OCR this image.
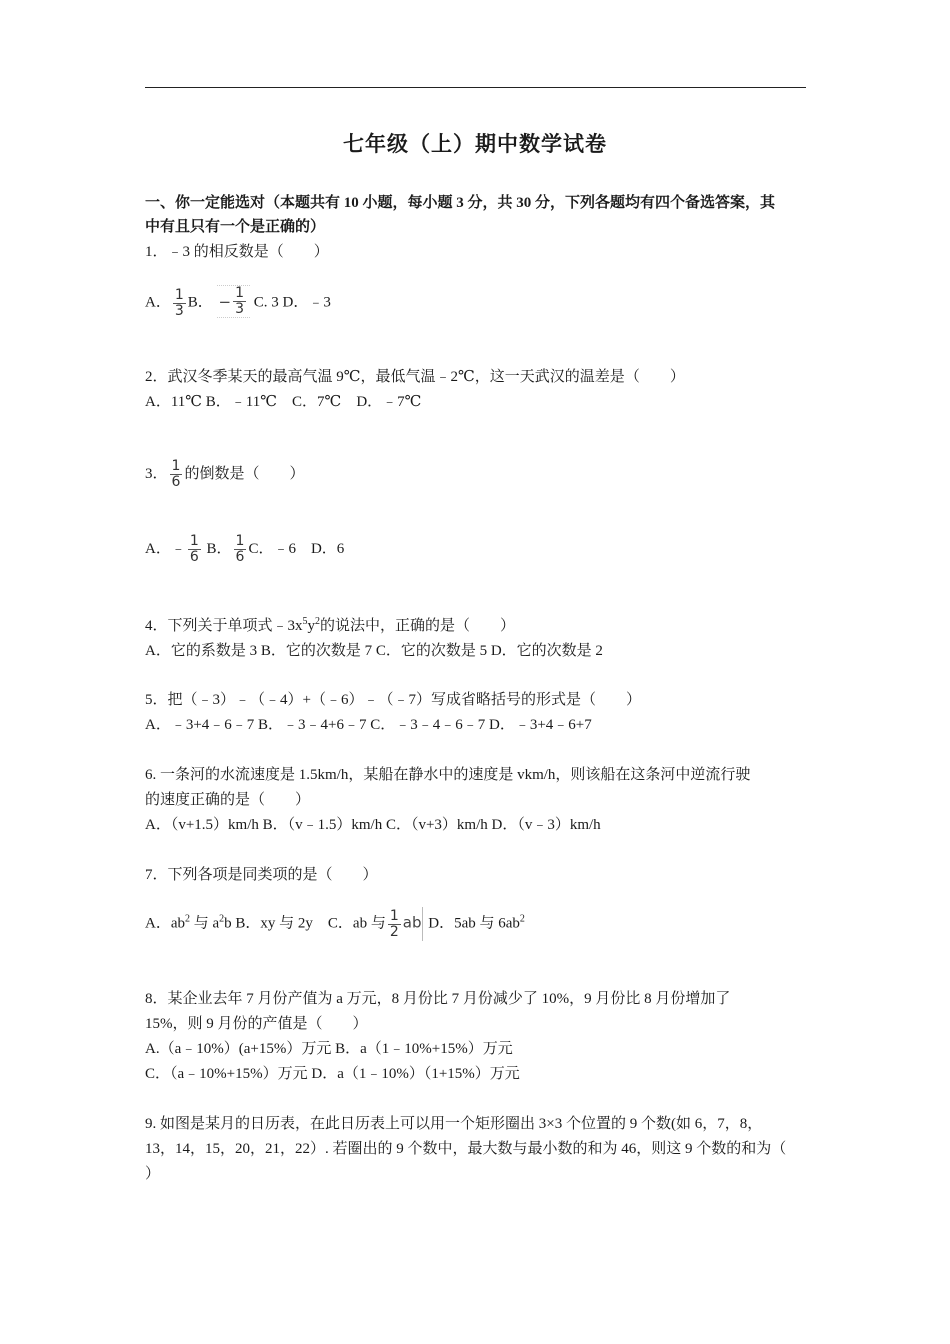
七年级（上）期中数学试卷
一、你一定能选对（本题共有 10 小题，每小题 3 分，共 30 分，下列各题均有四个备选答案，其
中有且只有一个是正确的）
1．﹣3 的相反数是（　　）
A． $\frac{1}{3}$ B． − $\frac{1}{3} C$. 3 D．﹣3
2．武汉冬季某天的最高气温 9℃，最低气温﹣2℃，这一天武汉的温差是（　　）
A．11℃ B．﹣11℃　C．7℃　D．﹣7℃
3． $\frac{1}{6}$ 的倒数是（　　）
A．﹣ $\frac{1}{6}$ B． $\frac{1}{6}$ C．﹣6　D．6
4．下列关于单项式$﹣3x^5y^2$的说法中，正确的是（　　）
A．它的系数是 3 B．它的次数是 7 C．它的次数是 5 D．它的次数是 2
5．把（﹣3）﹣（﹣4）+（﹣6）﹣（﹣7）写成省略括号的形式是（　　）
A．﹣3+4﹣6﹣7 B．﹣3﹣4+6﹣7 C．﹣3﹣4﹣6﹣7 D．﹣3+4﹣6+7
6. 一条河的水流速度是 1.5km/h，某船在静水中的速度是 vkm/h，则该船在这条河中逆流行驶
的速度正确的是（　　）
A．（v+1.5）km/h B．（v﹣1.5）km/h C．（v+3）km/h D．（v﹣3）km/h
7．下列各项是同类项的是（　　）
A．$ab^2$ 与 $a^2b$ B．xy 与 2y　C．ab 与 $\frac{1}{2}$ ab D．5ab 与 $6ab^2$
8．某企业去年 7 月份产值为 a 万元，8 月份比 7 月份减少了 10%，9 月份比 8 月份增加了
15%，则 9 月份的产值是（　　）
A.（a﹣10%）(a+15%）万元 B．a（1﹣10%+15%）万元
C．（a﹣10%+15%）万元 D．a（1﹣10%）（1+15%）万元
9. 如图是某月的日历表，在此日历表上可以用一个矩形圈出 3×3 个位置的 9 个数(如 6，7，8，
13，14，15，20，21，22）. 若圈出的 9 个数中，最大数与最小数的和为 46，则这 9 个数的和为（
）
